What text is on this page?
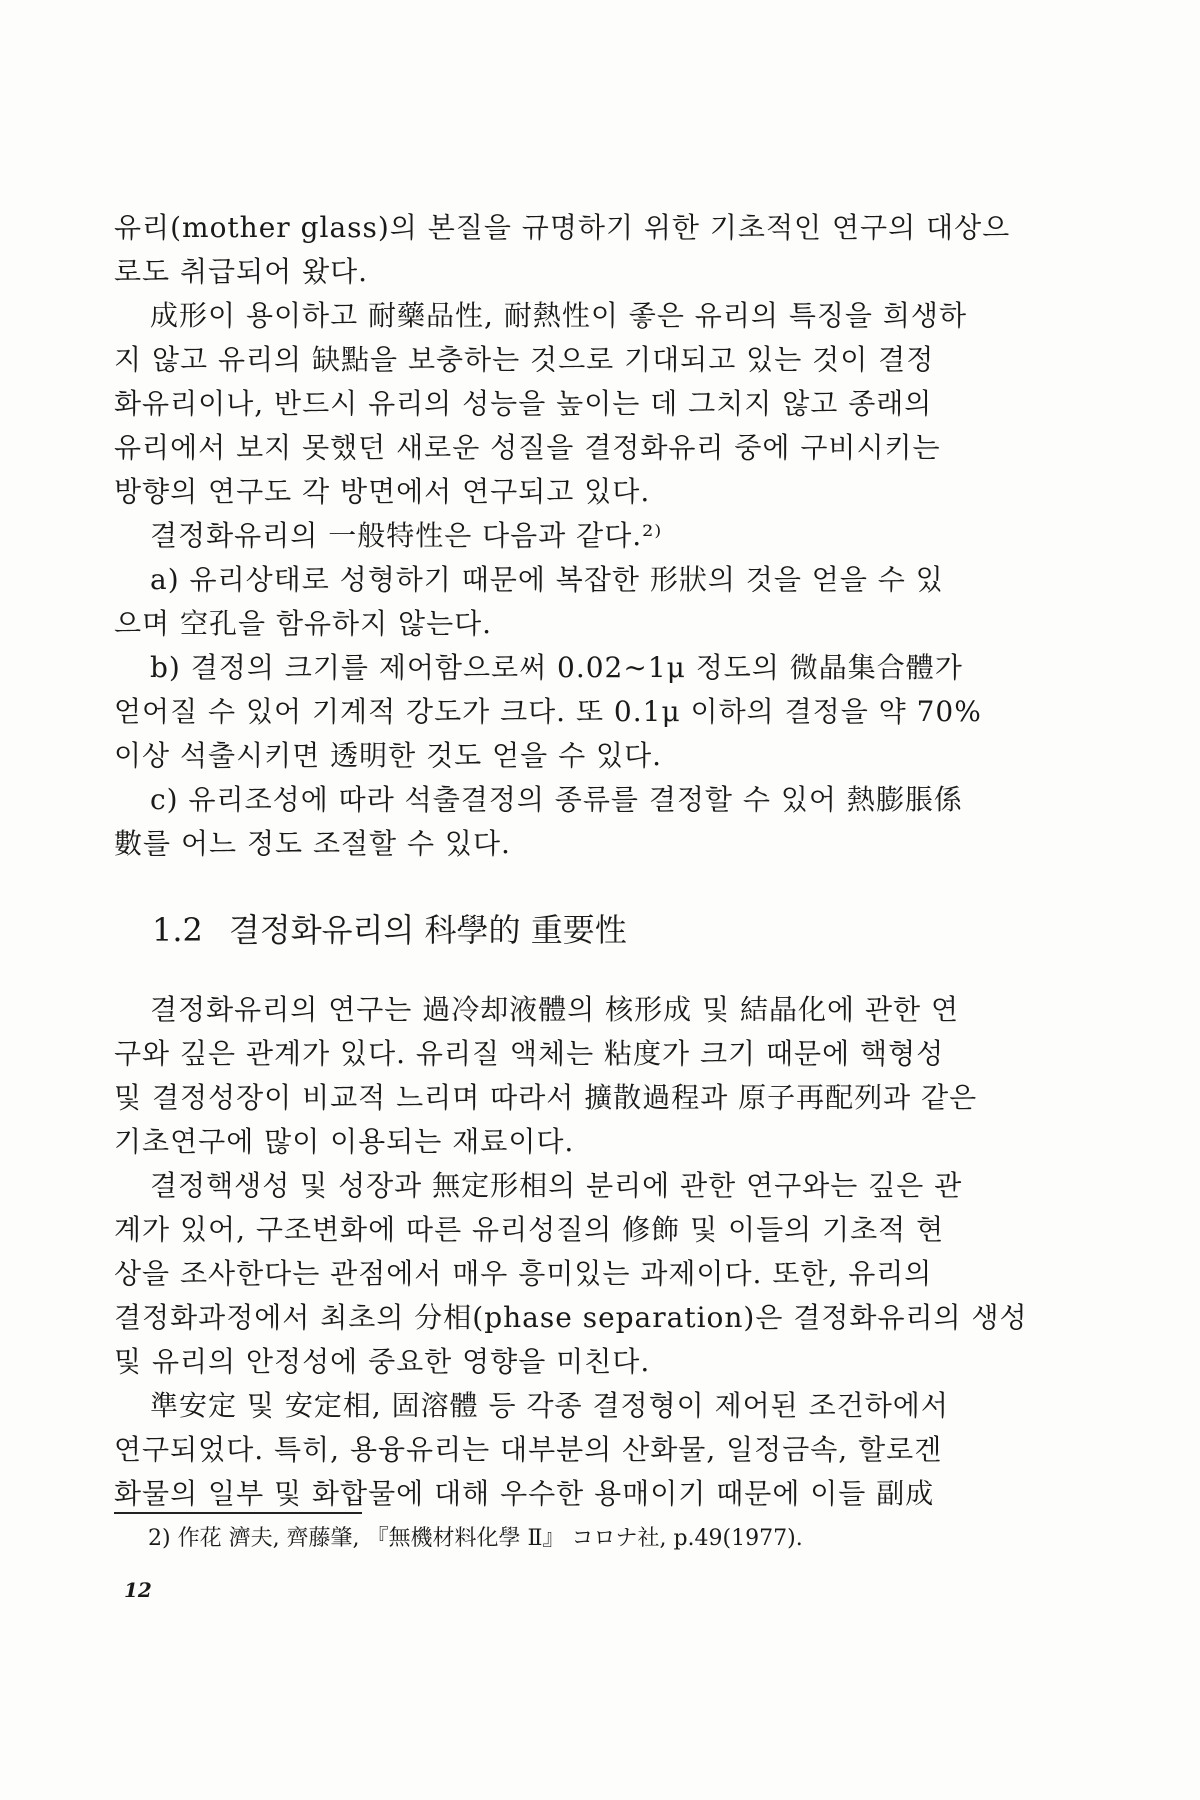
유리(mother glass)의 본질을 규명하기 위한 기초적인 연구의 대상으

로도 취급되어 왔다.

成形이 용이하고 耐藥品性, 耐熱性이 좋은 유리의 특징을 희생하

지 않고 유리의 缺點을 보충하는 것으로 기대되고 있는 것이 결정

화유리이나, 반드시 유리의 성능을 높이는 데 그치지 않고 종래의

유리에서 보지 못했던 새로운 성질을 결정화유리 중에 구비시키는

방향의 연구도 각 방면에서 연구되고 있다.

결정화유리의 一般特性은 다음과 같다.²⁾

a) 유리상태로 성형하기 때문에 복잡한 形狀의 것을 얻을 수 있

으며 空孔을 함유하지 않는다.

b) 결정의 크기를 제어함으로써 0.02∼1μ 정도의 微晶集合體가

얻어질 수 있어 기계적 강도가 크다. 또 0.1μ 이하의 결정을 약 70%

이상 석출시키면 透明한 것도 얻을 수 있다.

c) 유리조성에 따라 석출결정의 종류를 결정할 수 있어 熱膨脹係

數를 어느 정도 조절할 수 있다.

1.2 결정화유리의 科學的 重要性

결정화유리의 연구는 過冷却液體의 核形成 및 結晶化에 관한 연

구와 깊은 관계가 있다. 유리질 액체는 粘度가 크기 때문에 핵형성

및 결정성장이 비교적 느리며 따라서 擴散過程과 原子再配列과 같은

기초연구에 많이 이용되는 재료이다.

결정핵생성 및 성장과 無定形相의 분리에 관한 연구와는 깊은 관

계가 있어, 구조변화에 따른 유리성질의 修飾 및 이들의 기초적 현

상을 조사한다는 관점에서 매우 흥미있는 과제이다. 또한, 유리의

결정화과정에서 최초의 分相(phase separation)은 결정화유리의 생성

및 유리의 안정성에 중요한 영향을 미친다.

準安定 및 安定相, 固溶體 등 각종 결정형이 제어된 조건하에서

연구되었다. 특히, 용융유리는 대부분의 산화물, 일정금속, 할로겐

화물의 일부 및 화합물에 대해 우수한 용매이기 때문에 이들 副成

2) 作花 濟夫, 齊藤肇, 『無機材料化學 Ⅱ』 コロナ社, p.49(1977).
12
